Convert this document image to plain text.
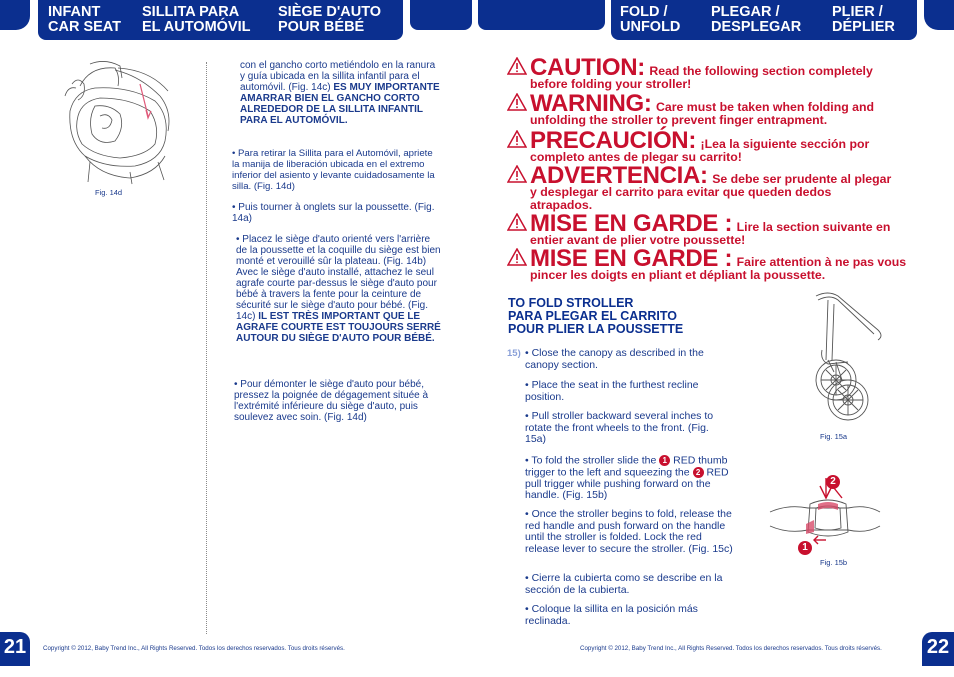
INFANT
CAR SEAT
SILLITA PARA
EL AUTOMÓVIL
SIÈGE D'AUTO
POUR BÉBÉ
FOLD /
UNFOLD
PLEGAR /
DESPLEGAR
PLIER /
DÉPLIER
Fig. 14d
con el gancho corto metiéndolo en la ranura y guía ubicada en la sillita infantil para el automóvil. (Fig. 14c) ES MUY IMPORTANTE AMARRAR BIEN EL GANCHO CORTO ALREDEDOR DE LA SILLITA INFANTIL PARA EL AUTOMÓVIL.
• Para retirar la Sillita para el Automóvil, apriete la manija de liberación ubicada en el extremo inferior del asiento y levante cuidadosamente la silla. (Fig. 14d)
• Puis tourner à onglets sur la poussette. (Fig. 14a)
• Placez le siège d'auto orienté vers l'arrière de la poussette et la coquille du siège est bien monté et verouillé sûr la plateau. (Fig. 14b) Avec le siège d'auto installé, attachez le seul agrafe courte par-dessus le siège d'auto pour bébé à travers la fente pour la ceinture de sécurité sur le siège d'auto pour bébé. (Fig. 14c) IL EST TRÈS IMPORTANT QUE LE AGRAFE COURTE EST TOUJOURS SERRÉ AUTOUR DU SIÈGE D'AUTO POUR BÉBÉ.
• Pour démonter le siège d'auto pour bébé, pressez la poignée de dégagement située à l'extrémité inférieure du siège d'auto, puis soulevez avec soin. (Fig. 14d)
21	Copyright © 2012, Baby Trend Inc., All Rights Reserved. Todos los derechos reservados. Tous droits réservés.
CAUTION: Read the following section completely
before folding your stroller!
WARNING: Care must be taken when folding and
unfolding the stroller to prevent finger entrapment.
PRECAUCIÓN: ¡Lea la siguiente sección por
completo antes de plegar su carrito!
ADVERTENCIA: Se debe ser prudente al plegar
y desplegar el carrito para evitar que queden dedos atrapados.
MISE EN GARDE : Lire la section suivante en
entier avant de plier votre poussette!
MISE EN GARDE : Faire attention à ne pas vous
pincer les doigts en pliant et dépliant la poussette.
TO FOLD STROLLER
PARA PLEGAR EL CARRITO
POUR PLIER LA POUSSETTE
15) • Close the canopy as described in the canopy section.
• Place the seat in the furthest recline position.
• Pull stroller backward several inches to rotate the front wheels to the front. (Fig. 15a)
• To fold the stroller slide the 1 RED thumb trigger to the left and squeezing the 2 RED pull trigger while pushing forward on the handle. (Fig. 15b)
• Once the stroller begins to fold, release the red handle and push forward on the handle until the stroller is folded. Lock the red release lever to secure the stroller. (Fig. 15c)
• Cierre la cubierta como se describe en la sección de la cubierta.
• Coloque la sillita en la posición más reclinada.
Fig. 15a
2
1
Fig. 15b
Copyright © 2012, Baby Trend Inc., All Rights Reserved. Todos los derechos reservados. Tous droits réservés.	22
